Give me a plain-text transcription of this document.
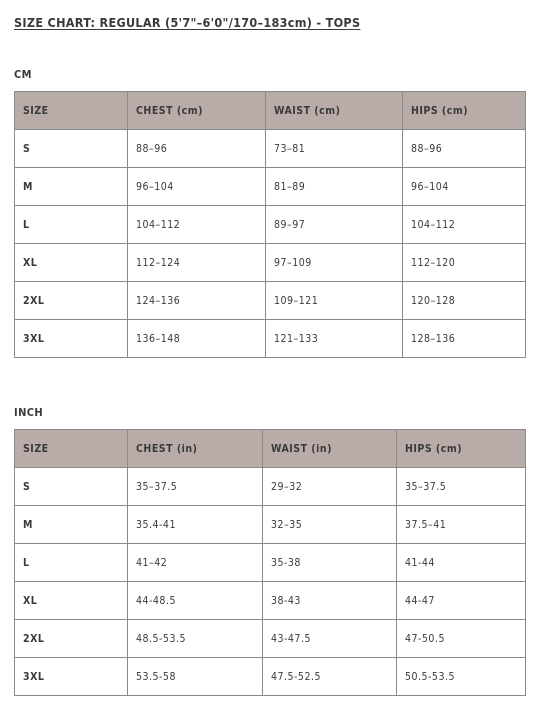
SIZE CHART: REGULAR (5'7"–6'0"/170–183cm) - TOPS
CM
SIZE	CHEST (cm)	WAIST (cm)	HIPS (cm)
S	88–96	73–81	88–96
M	96–104	81–89	96–104
L	104–112	89–97	104–112
XL	112–124	97–109	112–120
2XL	124–136	109–121	120–128
3XL	136–148	121–133	128–136
INCH
SIZE	CHEST (in)	WAIST (in)	HIPS (cm)
S	35–37.5	29–32	35–37.5
M	35.4-41	32–35	37.5–41
L	41–42	35-38	41-44
XL	44-48.5	38-43	44-47
2XL	48.5-53.5	43-47.5	47-50.5
3XL	53.5-58	47.5-52.5	50.5-53.5
